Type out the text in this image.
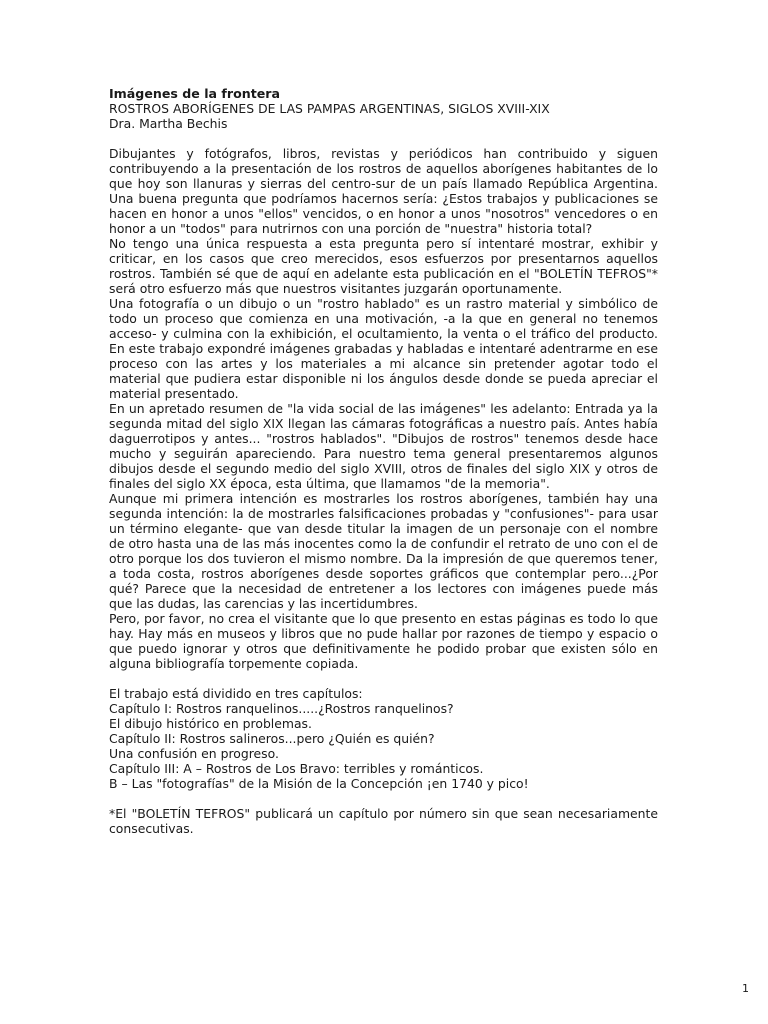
Imágenes de la frontera
ROSTROS ABORÍGENES DE LAS PAMPAS ARGENTINAS, SIGLOS XVIII-XIX
Dra. Martha Bechis

Dibujantes y fotógrafos, libros, revistas y periódicos han contribuido y siguen contribuyendo a la presentación de los rostros de aquellos aborígenes habitantes de lo que hoy son llanuras y sierras del centro-sur de un país llamado República Argentina. Una buena pregunta que podríamos hacernos sería: ¿Estos trabajos y publicaciones se hacen en honor a unos "ellos" vencidos, o en honor a unos "nosotros" vencedores o en honor a un "todos" para nutrirnos con una porción de "nuestra" historia total?

No tengo una única respuesta a esta pregunta pero sí intentaré mostrar, exhibir y criticar, en los casos que creo merecidos, esos esfuerzos por presentarnos aquellos rostros. También sé que de aquí en adelante esta publicación en el "BOLETÍN TEFROS"* será otro esfuerzo más que nuestros visitantes juzgarán oportunamente.

Una fotografía o un dibujo o un "rostro hablado" es un rastro material y simbólico de todo un proceso que comienza en una motivación, -a la que en general no tenemos acceso- y culmina con la exhibición, el ocultamiento, la venta o el tráfico del producto. En este trabajo expondré imágenes grabadas y habladas e intentaré adentrarme en ese proceso con las artes y los materiales a mi alcance sin pretender agotar todo el material que pudiera estar disponible ni los ángulos desde donde se pueda apreciar el material presentado.

En un apretado resumen de "la vida social de las imágenes" les adelanto: Entrada ya la segunda mitad del siglo XIX llegan las cámaras fotográficas a nuestro país. Antes había daguerrotipos y antes... "rostros hablados". "Dibujos de rostros" tenemos desde hace mucho y seguirán apareciendo. Para nuestro tema general presentaremos algunos dibujos desde el segundo medio del siglo XVIII, otros de finales del siglo XIX y otros de finales del siglo XX época, esta última, que llamamos "de la memoria".

Aunque mi primera intención es mostrarles los rostros aborígenes, también hay una segunda intención: la de mostrarles falsificaciones probadas y "confusiones"- para usar un término elegante- que van desde titular la imagen de un personaje con el nombre de otro hasta una de las más inocentes como la de confundir el retrato de uno con el de otro porque los dos tuvieron el mismo nombre. Da la impresión de que queremos tener, a toda costa, rostros aborígenes desde soportes gráficos que contemplar pero...¿Por qué? Parece que la necesidad de entretener a los lectores con imágenes puede más que las dudas, las carencias y las incertidumbres.

Pero, por favor, no crea el visitante que lo que presento en estas páginas es todo lo que hay. Hay más en museos y libros que no pude hallar por razones de tiempo y espacio o que puedo ignorar y otros que definitivamente he podido probar que existen sólo en alguna bibliografía torpemente copiada.

El trabajo está dividido en tres capítulos:
Capítulo I: Rostros ranquelinos.....¿Rostros ranquelinos?
El dibujo histórico en problemas.
Capítulo II: Rostros salineros...pero ¿Quién es quién?
Una confusión en progreso.
Capítulo III: A – Rostros de Los Bravo: terribles y románticos.
B – Las "fotografías" de la Misión de la Concepción ¡en 1740 y pico!

*El "BOLETÍN TEFROS" publicará un capítulo por número sin que sean necesariamente consecutivas.

1
